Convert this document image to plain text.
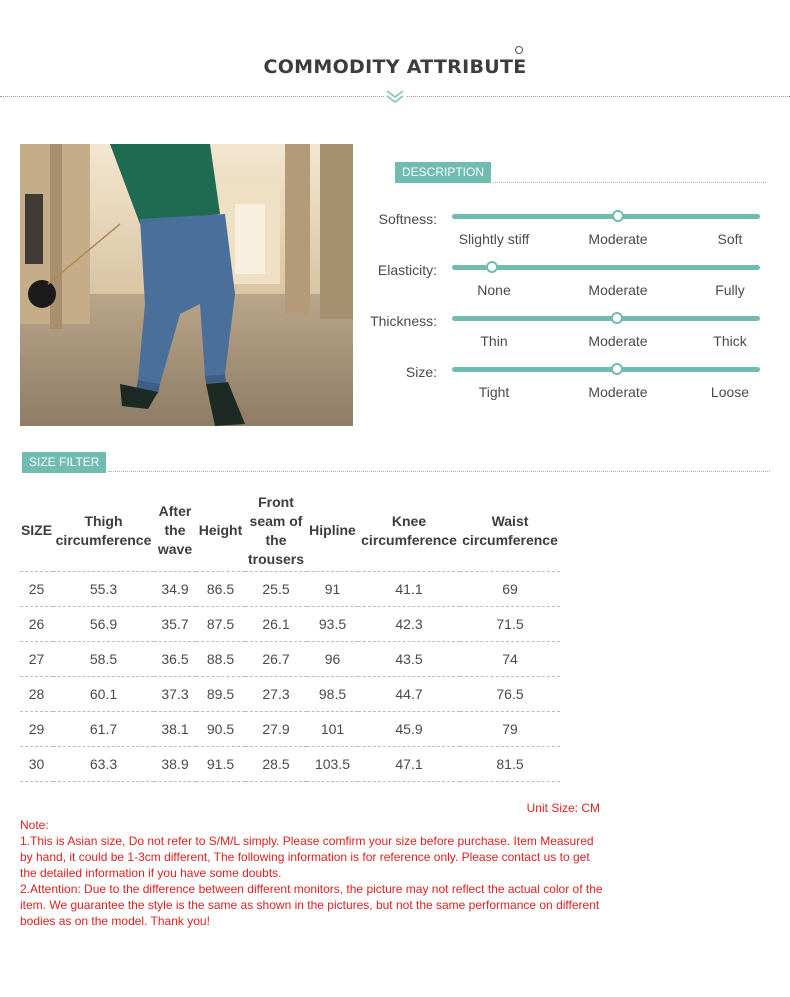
COMMODITY ATTRIBUTE
DESCRIPTION
Softness:
Slightly stiff	Moderate	Soft
Elasticity:
None	Moderate	Fully
Thickness:
Thin	Moderate	Thick
Size:
Tight	Moderate	Loose
SIZE FILTER
SIZE	Thigh circumference	After the wave	Height	Front seam of the trousers	Hipline	Knee circumference	Waist circumference
25	55.3	34.9	86.5	25.5	91	41.1	69
26	56.9	35.7	87.5	26.1	93.5	42.3	71.5
27	58.5	36.5	88.5	26.7	96	43.5	74
28	60.1	37.3	89.5	27.3	98.5	44.7	76.5
29	61.7	38.1	90.5	27.9	101	45.9	79
30	63.3	38.9	91.5	28.5	103.5	47.1	81.5
Unit Size: CM

Note:

1.This is Asian size, Do not refer to S/M/L simply. Please comfirm your size before purchase. Item Measured by hand, it could be 1-3cm different, The following information is for reference only. Please contact us to get the detailed information if you have some doubts.

2.Attention: Due to the difference between different monitors, the picture may not reflect the actual color of the item. We guarantee the style is the same as shown in the pictures, but not the same performance on different bodies as on the model. Thank you!
